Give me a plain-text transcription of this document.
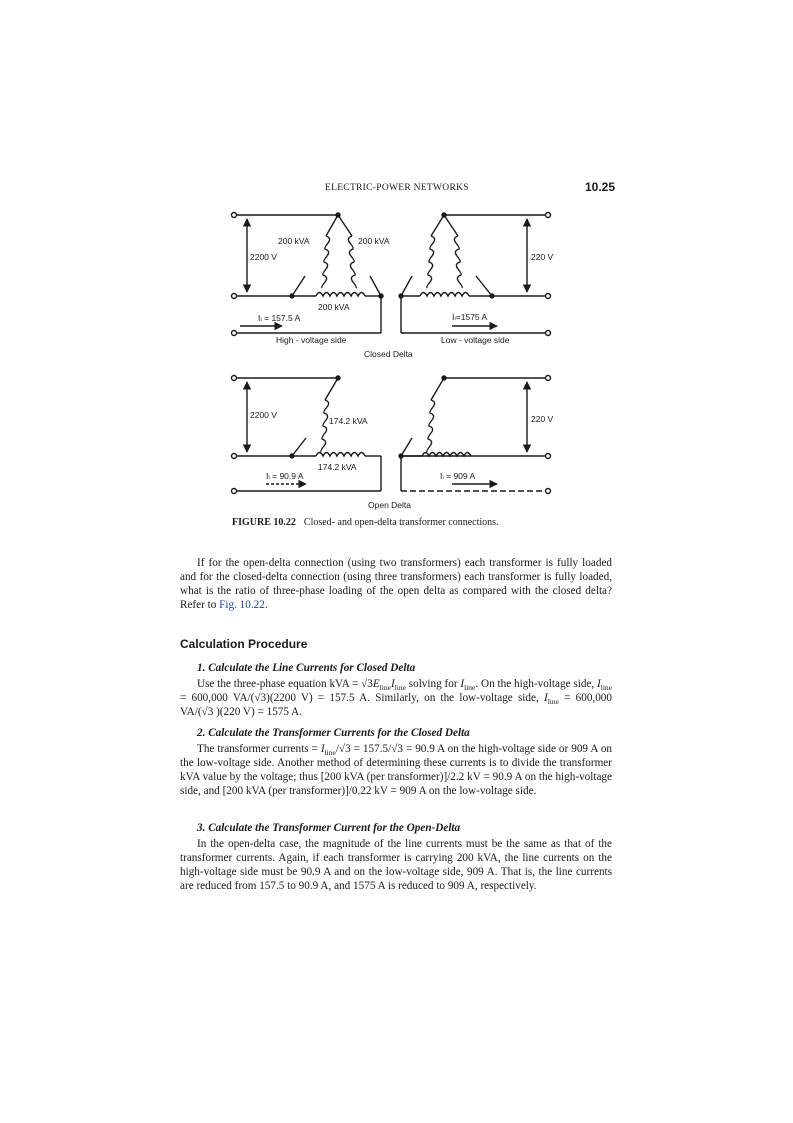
ELECTRIC-POWER NETWORKS	10.25
200 kVA	200 kVA
200 kVA
2200 V	220 V
Iₗ = 157.5 A	Iₗ=1575 A
High - voltage side	Low - voltage side
Closed Delta
2200 V	220 V
174.2 kVA
174.2 kVA
Iₗ = 90.9 A	Iₗ = 909 A
Open Delta
FIGURE 10.22 Closed- and open-delta transformer connections.

If for the open-delta connection (using two transformers) each transformer is fully loaded and for the closed-delta connection (using three transformers) each transformer is fully loaded, what is the ratio of three-phase loading of the open delta as compared with the closed delta? Refer to Fig. 10.22.

Calculation Procedure
1. Calculate the Line Currents for Closed Delta

Use the three-phase equation kVA = $√3E_{line}I_{line}$ solving for $I_{line}$. On the high-voltage side, $I_{line} = 600,000$ VA/(√3)(2200 V) = 157.5 A. Similarly, on the low-voltage side, $I_{line} = 600,000$ VA/(√3 )(220 V) = 1575 A.

2. Calculate the Transformer Currents for the Closed Delta

The transformer currents = $I_{line}/√3 = 157.5/√3 = 90.9$ A on the high-voltage side or 909 A on the low-voltage side. Another method of determining these currents is to divide the transformer kVA value by the voltage; thus [200 kVA (per transformer)]/2.2 kV = 90.9 A on the high-voltage side, and [200 kVA (per transformer)]/0.22 kV = 909 A on the low-voltage side.

3. Calculate the Transformer Current for the Open-Delta

In the open-delta case, the magnitude of the line currents must be the same as that of the transformer currents. Again, if each transformer is carrying 200 kVA, the line currents on the high-voltage side must be 90.9 A and on the low-voltage side, 909 A. That is, the line currents are reduced from 157.5 to 90.9 A, and 1575 A is reduced to 909 A, respectively.
